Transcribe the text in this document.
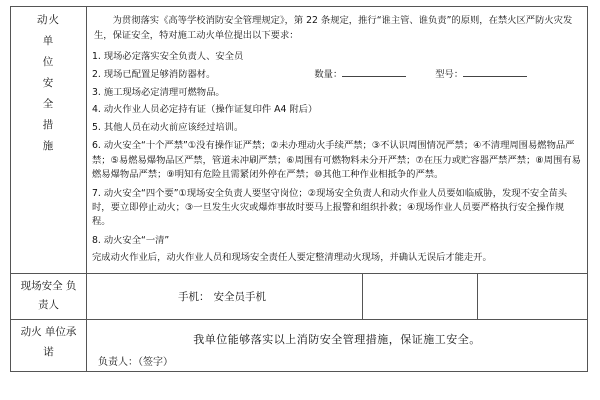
动火
单
位
安
全
措
施

为贯彻落实《高等学校消防安全管理规定》，第 22 条规定，推行“谁主管、谁负责”的原则，在禁火区严防火灾发生，保证安全，特对施工动火单位提出以下要求：
1. 现场必定落实安全负责人、安全员
2. 现场已配置足够消防器材。	数量：	型号：
3. 施工现场必定清理可燃物品。
4. 动火作业人员必定持有证（操作证复印件 A4 附后）
5. 其他人员在动火前应该经过培训。
6. 动火安全“十个严禁”①没有操作证严禁；②未办理动火手续严禁；③不认识周围情况严禁；④不清理周围易燃物品严禁；⑤易燃易爆物品区严禁，管道未冲刷严禁；⑥周围有可燃物料未分开严禁；⑦在压力或贮容器严禁严禁；⑧周围有易燃易爆物品严禁；⑨明知有危险且需紧闭外停在严禁；⑩其他工种作业相抵争的严禁。
7. 动火安全“四个要”①现场安全负责人要坚守岗位；②现场安全负责人和动火作业人员要如临威胁，发现不安全苗头时，要立即停止动火；③一旦发生火灾或爆炸事故时要马上报警和组织扑救；④现场作业人员要严格执行安全操作规程。
8. 动火安全“一清”
完成动火作业后，动火作业人员和现场安全责任人要定整清理动火现场，并确认无误后才能走开。

现场安全 负责人	手机： 安全员手机

动火 单位承诺	我单位能够落实以上消防安全管理措施，保证施工安全。
负责人：（签字）
